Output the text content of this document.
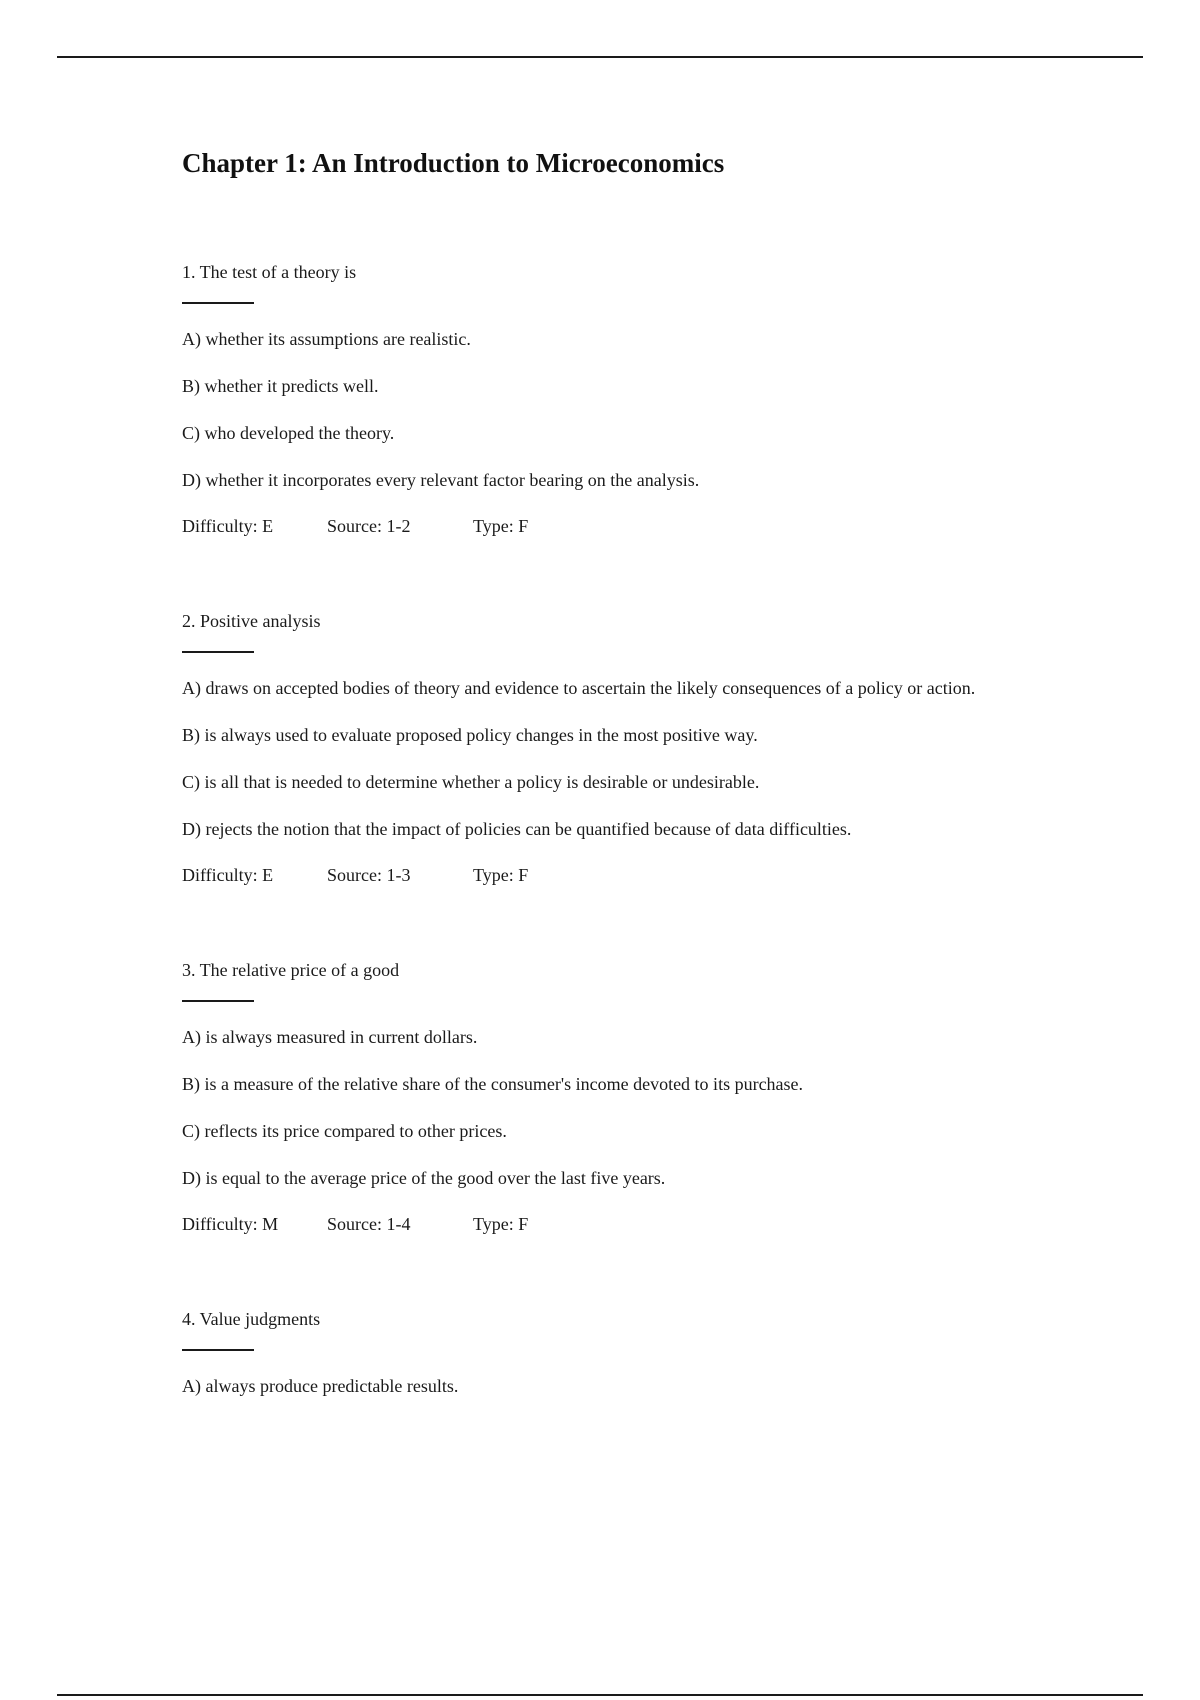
Chapter 1: An Introduction to Microeconomics

1. The test of a theory is

A) whether its assumptions are realistic.

B) whether it predicts well.

C) who developed the theory.

D) whether it incorporates every relevant factor bearing on the analysis.

Difficulty: E	Source: 1-2	Type: F

2. Positive analysis

A) draws on accepted bodies of theory and evidence to ascertain the likely consequences of a policy or action.

B) is always used to evaluate proposed policy changes in the most positive way.

C) is all that is needed to determine whether a policy is desirable or undesirable.

D) rejects the notion that the impact of policies can be quantified because of data difficulties.

Difficulty: E	Source: 1-3	Type: F

3. The relative price of a good

A) is always measured in current dollars.

B) is a measure of the relative share of the consumer's income devoted to its purchase.

C) reflects its price compared to other prices.

D) is equal to the average price of the good over the last five years.

Difficulty: M	Source: 1-4	Type: F

4. Value judgments

A) always produce predictable results.
